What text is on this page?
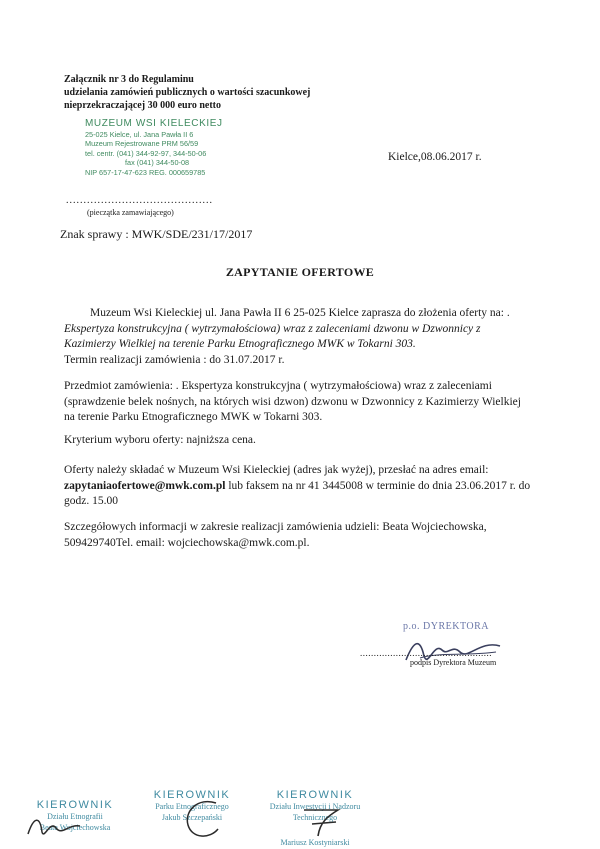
Załącznik nr 3 do Regulaminu
udzielania zamówień publicznych o wartości szacunkowej
nieprzekraczającej 30 000 euro netto
MUZEUM WSI KIELECKIEJ
25-025 Kielce, ul. Jana Pawła II 6
Muzeum Rejestrowane PRM 56/59
tel. centr. (041) 344-92-97, 344-50-06
fax (041) 344-50-08
NIP 657-17-47-623 REG. 000659785
Kielce,08.06.2017 r.
..........................................
(pieczątka zamawiającego)
Znak sprawy : MWK/SDE/231/17/2017
ZAPYTANIE OFERTOWE
Muzeum Wsi Kieleckiej ul. Jana Pawła II 6 25-025 Kielce zaprasza do złożenia oferty na: . Ekspertyza konstrukcyjna ( wytrzymałościowa) wraz z zaleceniami dzwonu w Dzwonnicy z Kazimierzy Wielkiej na terenie Parku Etnograficznego MWK w Tokarni 303.
Termin realizacji zamówienia : do 31.07.2017 r.
Przedmiot zamówienia: . Ekspertyza konstrukcyjna ( wytrzymałościowa) wraz z zaleceniami (sprawdzenie belek nośnych, na których wisi dzwon) dzwonu w Dzwonnicy z Kazimierzy Wielkiej na terenie Parku Etnograficznego MWK w Tokarni 303.
Kryterium wyboru oferty: najniższa cena.
Oferty należy składać w Muzeum Wsi Kieleckiej (adres jak wyżej), przesłać na adres email: zapytaniaofertowe@mwk.com.pl lub faksem na nr 41 3445008 w terminie do dnia 23.06.2017 r. do godz. 15.00
Szczegółowych informacji w zakresie realizacji zamówienia udzieli: Beata Wojciechowska, 509429740Tel. email: wojciechowska@mwk.com.pl.
p.o. DYREKTORA
................................................
podpis Dyrektora Muzeum
KIEROWNIK
Działu Etnografii
Beata Wojciechowska
KIEROWNIK
Parku Etnograficznego
Jakub Szczepański
KIEROWNIK
Działu Inwestycji i Nadzoru Technicznego
Mariusz Kostyniarski
